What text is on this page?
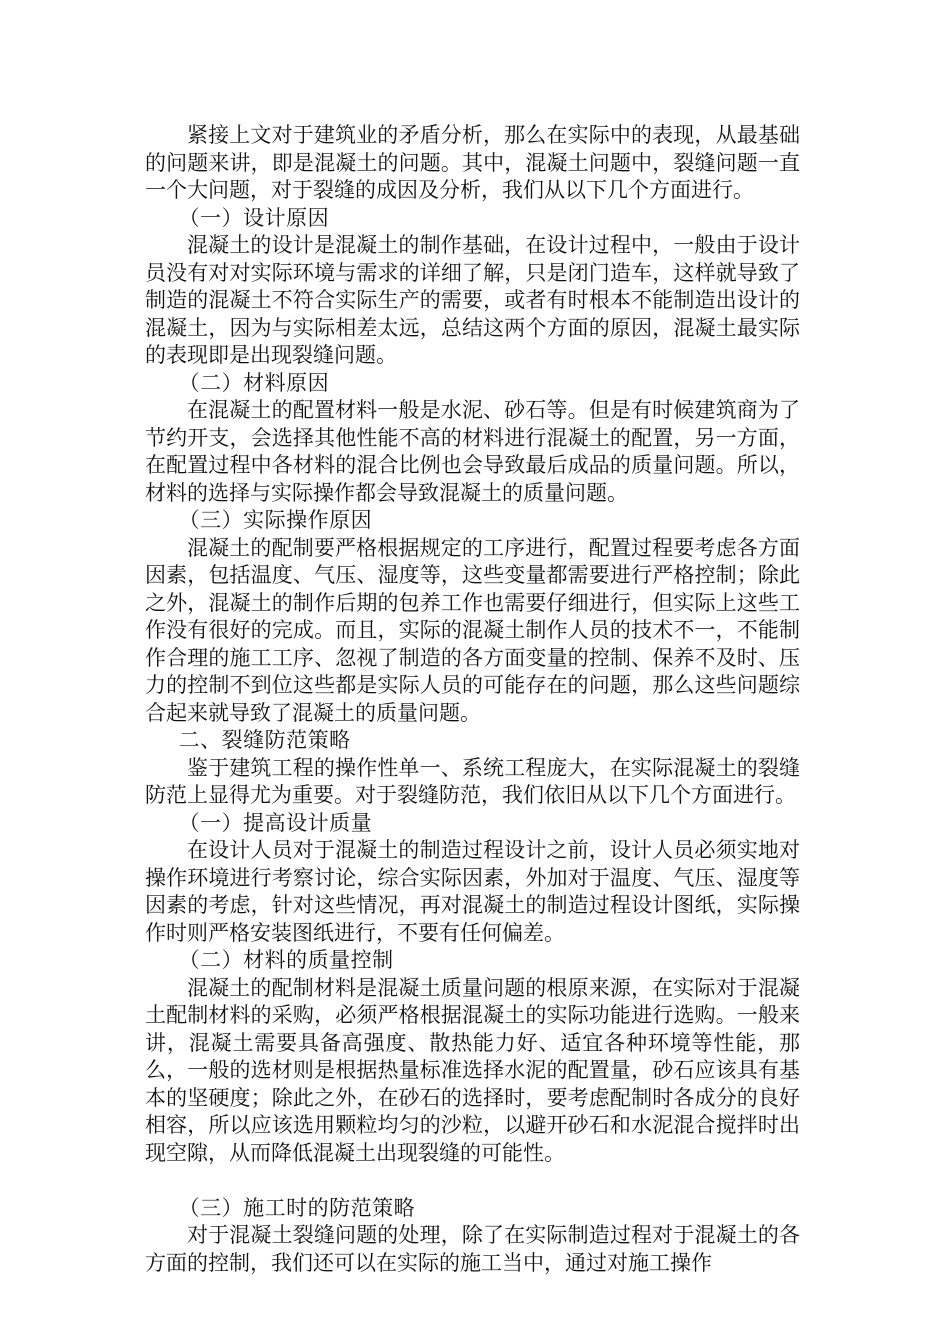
紧接上文对于建筑业的矛盾分析，那么在实际中的表现，从最基础的问题来讲，即是混凝土的问题。其中，混凝土问题中，裂缝问题一直一个大问题，对于裂缝的成因及分析，我们从以下几个方面进行。

（一）设计原因

混凝土的设计是混凝土的制作基础，在设计过程中，一般由于设计员没有对对实际环境与需求的详细了解，只是闭门造车，这样就导致了制造的混凝土不符合实际生产的需要，或者有时根本不能制造出设计的混凝土，因为与实际相差太远，总结这两个方面的原因，混凝土最实际的表现即是出现裂缝问题。

（二）材料原因

在混凝土的配置材料一般是水泥、砂石等。但是有时候建筑商为了节约开支，会选择其他性能不高的材料进行混凝土的配置，另一方面，在配置过程中各材料的混合比例也会导致最后成品的质量问题。所以，材料的选择与实际操作都会导致混凝土的质量问题。

（三）实际操作原因

混凝土的配制要严格根据规定的工序进行，配置过程要考虑各方面因素，包括温度、气压、湿度等，这些变量都需要进行严格控制；除此之外，混凝土的制作后期的包养工作也需要仔细进行，但实际上这些工作没有很好的完成。而且，实际的混凝土制作人员的技术不一，不能制作合理的施工工序、忽视了制造的各方面变量的控制、保养不及时、压力的控制不到位这些都是实际人员的可能存在的问题，那么这些问题综合起来就导致了混凝土的质量问题。

二、裂缝防范策略

鉴于建筑工程的操作性单一、系统工程庞大，在实际混凝土的裂缝防范上显得尤为重要。对于裂缝防范，我们依旧从以下几个方面进行。

（一）提高设计质量

在设计人员对于混凝土的制造过程设计之前，设计人员必须实地对操作环境进行考察讨论，综合实际因素，外加对于温度、气压、湿度等因素的考虑，针对这些情况，再对混凝土的制造过程设计图纸，实际操作时则严格安装图纸进行，不要有任何偏差。

（二）材料的质量控制

混凝土的配制材料是混凝土质量问题的根原来源，在实际对于混凝土配制材料的采购，必须严格根据混凝土的实际功能进行选购。一般来讲，混凝土需要具备高强度、散热能力好、适宜各种环境等性能，那么，一般的选材则是根据热量标准选择水泥的配置量，砂石应该具有基本的坚硬度；除此之外，在砂石的选择时，要考虑配制时各成分的良好相容，所以应该选用颗粒均匀的沙粒，以避开砂石和水泥混合搅拌时出现空隙，从而降低混凝土出现裂缝的可能性。

（三）施工时的防范策略

对于混凝土裂缝问题的处理，除了在实际制造过程对于混凝土的各方面的控制，我们还可以在实际的施工当中，通过对施工操作
